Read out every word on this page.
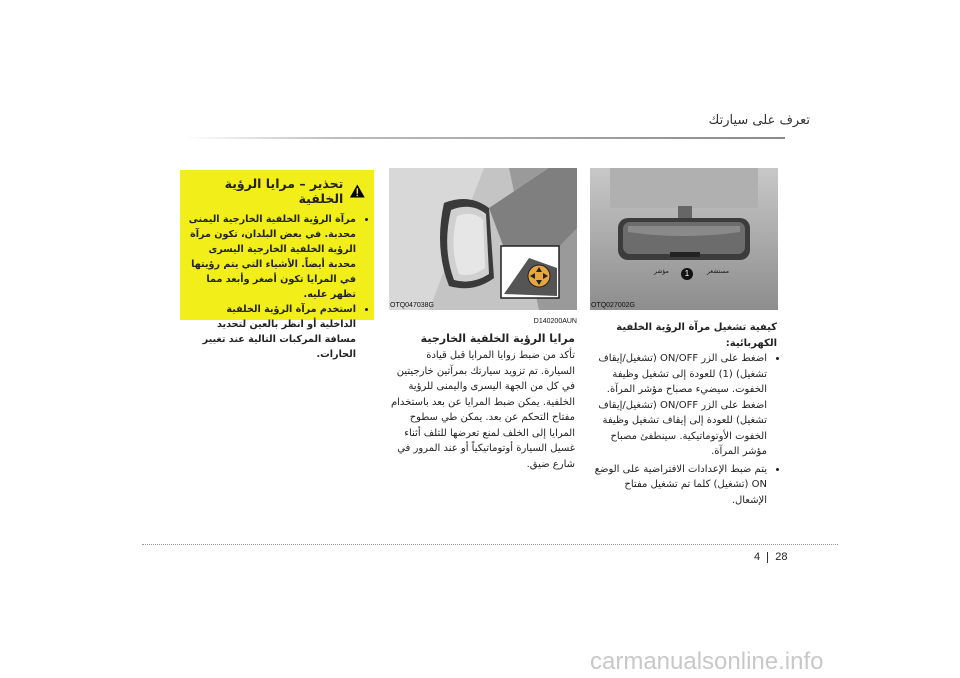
تعرف على سيارتك
تحذير – مرايا الرؤية الخلفية
• مرآة الرؤية الخلفية الخارجية اليمنى محدبة. في بعض البلدان، تكون مرآة الرؤية الخلفية الخارجية اليسرى محدبة أيضاً. الأشياء التي يتم رؤيتها في المرايا تكون أصغر وأبعد مما تظهر عليه.
• استخدم مرآة الرؤية الخلفية الداخلية أو انظر بالعين لتحديد مسافة المركبات التالية عند تغيير الحارات.
OTQ047038G
1
مؤشر	مستشعر
OTQ027002G
D140200AUN
مرايا الرؤية الخلفية الخارجية
تأكد من ضبط زوايا المرايا قبل قيادة السيارة. تم تزويد سيارتك بمرآتين خارجيتين في كل من الجهة اليسرى واليمنى للرؤية الخلفية. يمكن ضبط المرايا عن بعد باستخدام مفتاح التحكم عن بعد. يمكن طي سطوح المرايا إلى الخلف لمنع تعرضها للتلف أثناء غسيل السيارة أوتوماتيكياً أو عند المرور في شارع ضيق.
كيفية تشغيل مرآة الرؤية الخلفية الكهربائية:
• اضغط على الزر ON/OFF (تشغيل/إيقاف تشغيل) (1) للعودة إلى تشغيل وظيفة الخفوت. سيضيء مصباح مؤشر المرآة. اضغط على الزر ON/OFF (تشغيل/إيقاف تشغيل) للعودة إلى إيقاف تشغيل وظيفة الخفوت الأوتوماتيكية. سينطفئ مصباح مؤشر المرآة.
• يتم ضبط الإعدادات الافتراضية على الوضع ON (تشغيل) كلما تم تشغيل مفتاح الإشعال.
4 28
carmanualsonline.info
